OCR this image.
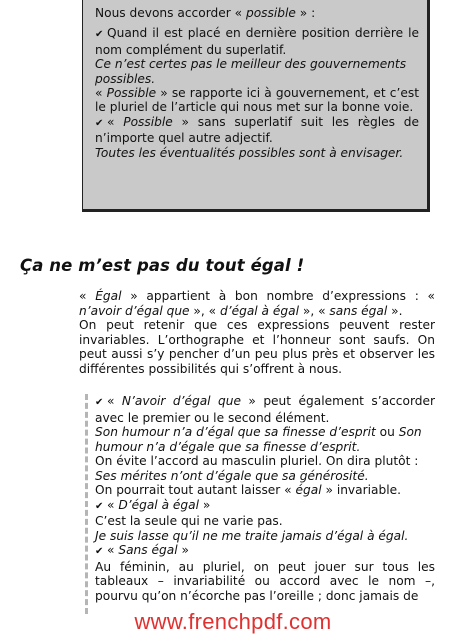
Nous devons accorder « possible » :

✔ Quand il est placé en dernière position derrière le nom complément du superlatif.

Ce n’est certes pas le meilleur des gouvernements possibles.

« Possible » se rapporte ici à gouvernement, et c’est le pluriel de l’article qui nous met sur la bonne voie.

✔ « Possible » sans superlatif suit les règles de n’importe quel autre adjectif.

Toutes les éventualités possibles sont à envisager.

Ça ne m’est pas du tout égal !

« Égal » appartient à bon nombre d’expressions : « n’avoir d’égal que », « d’égal à égal », « sans égal ».

On peut retenir que ces expressions peuvent rester invariables. L’orthographe et l’honneur sont saufs. On peut aussi s’y pencher d’un peu plus près et observer les différentes possibilités qui s’offrent à nous.

✔ « N’avoir d’égal que » peut également s’accorder avec le premier ou le second élément.

Son humour n’a d’égal que sa finesse d’esprit ou Son humour n’a d’égale que sa finesse d’esprit.

On évite l’accord au masculin pluriel. On dira plutôt :

Ses mérites n’ont d’égale que sa générosité.

On pourrait tout autant laisser « égal » invariable.

✔ « D’égal à égal »

C’est la seule qui ne varie pas.

Je suis lasse qu’il ne me traite jamais d’égal à égal.

✔ « Sans égal »

Au féminin, au pluriel, on peut jouer sur tous les tableaux – invariabilité ou accord avec le nom –, pourvu qu’on n’écorche pas l’oreille ; donc jamais de

www.frenchpdf.com
